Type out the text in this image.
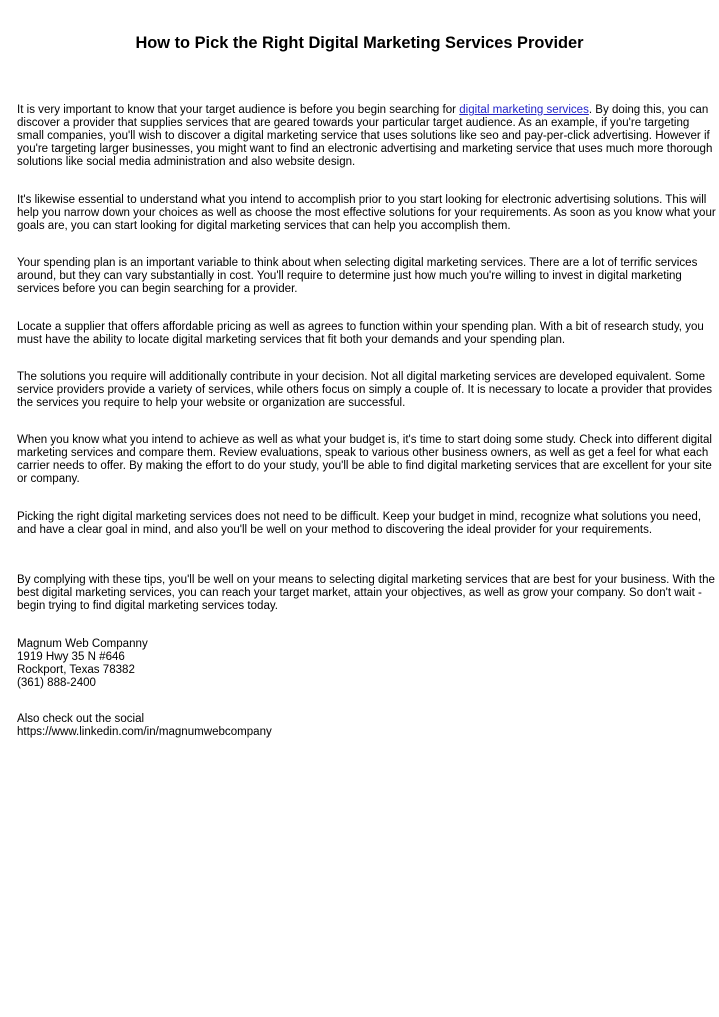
How to Pick the Right Digital Marketing Services Provider

It is very important to know that your target audience is before you begin searching for digital marketing services. By doing this, you can discover a provider that supplies services that are geared towards your particular target audience. As an example, if you're targeting small companies, you'll wish to discover a digital marketing service that uses solutions like seo and pay-per-click advertising. However if you're targeting larger businesses, you might want to find an electronic advertising and marketing service that uses much more thorough solutions like social media administration and also website design.

It's likewise essential to understand what you intend to accomplish prior to you start looking for electronic advertising solutions. This will help you narrow down your choices as well as choose the most effective solutions for your requirements. As soon as you know what your goals are, you can start looking for digital marketing services that can help you accomplish them.

Your spending plan is an important variable to think about when selecting digital marketing services. There are a lot of terrific services around, but they can vary substantially in cost. You'll require to determine just how much you're willing to invest in digital marketing services before you can begin searching for a provider.

Locate a supplier that offers affordable pricing as well as agrees to function within your spending plan. With a bit of research study, you must have the ability to locate digital marketing services that fit both your demands and your spending plan.

The solutions you require will additionally contribute in your decision. Not all digital marketing services are developed equivalent. Some service providers provide a variety of services, while others focus on simply a couple of. It is necessary to locate a provider that provides the services you require to help your website or organization are successful.

When you know what you intend to achieve as well as what your budget is, it's time to start doing some study. Check into different digital marketing services and compare them. Review evaluations, speak to various other business owners, as well as get a feel for what each carrier needs to offer. By making the effort to do your study, you'll be able to find digital marketing services that are excellent for your site or company.

Picking the right digital marketing services does not need to be difficult. Keep your budget in mind, recognize what solutions you need, and have a clear goal in mind, and also you'll be well on your method to discovering the ideal provider for your requirements.

By complying with these tips, you'll be well on your means to selecting digital marketing services that are best for your business. With the best digital marketing services, you can reach your target market, attain your objectives, as well as grow your company. So don't wait - begin trying to find digital marketing services today.

Magnum Web Companny
1919 Hwy 35 N #646
Rockport, Texas 78382
(361) 888-2400

Also check out the social
https://www.linkedin.com/in/magnumwebcompany
